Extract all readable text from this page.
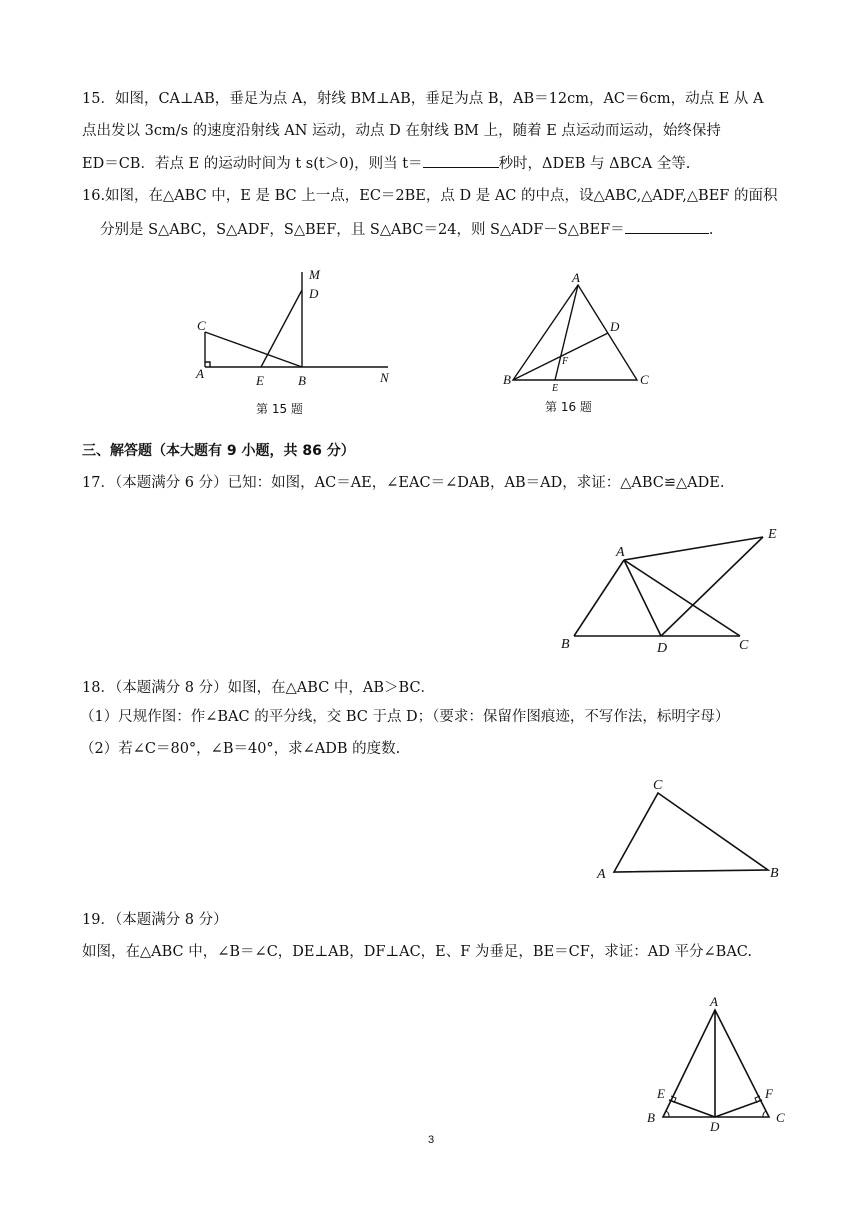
15．如图，CA⊥AB，垂足为点 A，射线 BM⊥AB，垂足为点 B，AB＝12cm，AC＝6cm，动点 E 从 A
点出发以 3cm/s 的速度沿射线 AN 运动，动点 D 在射线 BM 上，随着 E 点运动而运动，始终保持
ED＝CB．若点 E 的运动时间为 t s(t＞0)，则当 t＝	秒时，ΔDEB 与 ΔBCA 全等.
16.如图，在△ABC 中，E 是 BC 上一点，EC＝2BE，点 D 是 AC 的中点，设△ABC,△ADF,△BEF 的面积
分别是 S△ABC，S△ADF，S△BEF，且 S△ABC＝24，则 S△ADF－S△BEF＝	.
M
D
C
A	E	B	N
第 15 题
A
D
F
B
E
C
第 16 题
三、解答题（本大题有 9 小题，共 86 分）
17．（本题满分 6 分）已知：如图，AC＝AE，∠EAC＝∠DAB，AB＝AD，求证：△ABC≌△ADE.
A
E
B	D	C
18．（本题满分 8 分）如图，在△ABC 中，AB＞BC．
（1）尺规作图：作∠BAC 的平分线，交 BC 于点 D；（要求：保留作图痕迹，不写作法，标明字母）
（2）若∠C＝80°，∠B＝40°，求∠ADB 的度数.
C
A	B
19．（本题满分 8 分）
如图，在△ABC 中，∠B＝∠C，DE⊥AB，DF⊥AC，E、F 为垂足，BE＝CF，求证：AD 平分∠BAC.
A
E	F
B
D
C
3
